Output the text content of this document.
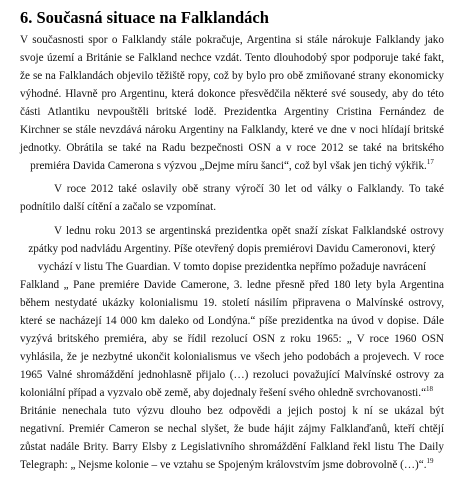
6. Současná situace na Falklandách
V současnosti spor o Falklandy stále pokračuje, Argentina si stále nárokuje Falklandy jako
svoje území a Británie se Falkland nechce vzdát. Tento dlouhodobý spor podporuje také fakt,
že se na Falklandách objevilo těžiště ropy, což by bylo pro obě zmiňované strany ekonomicky
výhodné. Hlavně pro Argentinu, která dokonce přesvědčila některé své sousedy, aby do této
části Atlantiku nevpouštěli britské lodě. Prezidentka Argentiny Cristina Fernández de
Kirchner se stále nevzdává nároku Argentiny na Falklandy, které ve dne v noci hlídají britské
jednotky. Obrátila se také na Radu bezpečnosti OSN a v roce 2012 se také na britského
premiéra Davida Camerona s výzvou „Dejme míru šanci“, což byl však jen tichý výkřik.$^{17}$
V roce 2012 také oslavily obě strany výročí 30 let od války o Falklandy. To také
podnítilo další cítění a začalo se vzpomínat.
V lednu roku 2013 se argentinská prezidentka opět snaží získat Falklandské ostrovy
zpátky pod nadvládu Argentiny. Píše otevřený dopis premiérovi Davidu Cameronovi, který
vychází v listu The Guardian. V tomto dopise prezidentka nepřímo požaduje navrácení
Falkland „ Pane premiére Davide Camerone, 3. ledne přesně před 180 lety byla Argentina
během nestydaté ukázky kolonialismu 19. století násilím připravena o Malvínské ostrovy,
které se nacházejí 14 000 km daleko od Londýna.“ píše prezidentka na úvod v dopise. Dále
vyzývá britského premiéra, aby se řídil rezolucí OSN z roku 1965: „ V roce 1960 OSN
vyhlásila, že je nezbytné ukončit kolonialismus ve všech jeho podobách a projevech. V roce
1965 Valné shromáždění jednohlasně přijalo (…) rezoluci považující Malvínské ostrovy za
koloniální případ a vyzvalo obě země, aby dojednaly řešení svého ohledně svrchovanosti.“$^{18}$
Británie nenechala tuto výzvu dlouho bez odpovědi a jejich postoj k ní se ukázal být
negativní. Premiér Cameron se nechal slyšet, že bude hájit zájmy Falklanďanů, kteří chtějí
zůstat nadále Brity. Barry Elsby z Legislativního shromáždění Falkland řekl listu The Daily
Telegraph: „ Nejsme kolonie – ve vztahu se Spojeným královstvím jsme dobrovolně (…)“.$^{19}$
